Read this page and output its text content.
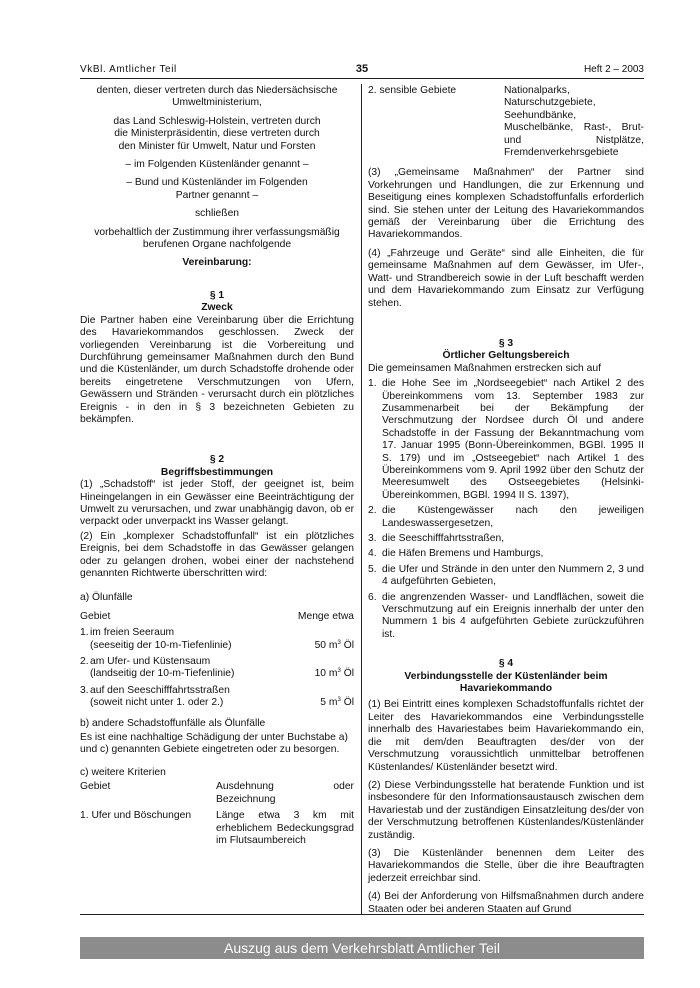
VkBl. Amtlicher Teil	35	Heft 2 – 2003

denten, dieser vertreten durch das Niedersächsische Umweltministerium,

das Land Schleswig-Holstein, vertreten durch die Ministerpräsidentin, diese vertreten durch den Minister für Umwelt, Natur und Forsten

– im Folgenden Küstenländer genannt –

– Bund und Küstenländer im Folgenden Partner genannt –

schließen

vorbehaltlich der Zustimmung ihrer verfassungsmäßig berufenen Organe nachfolgende

Vereinbarung:

§ 1
Zweck

Die Partner haben eine Vereinbarung über die Errichtung des Havariekommandos geschlossen. Zweck der vorliegenden Vereinbarung ist die Vorbereitung und Durchführung gemeinsamer Maßnahmen durch den Bund und die Küstenländer, um durch Schadstoffe drohende oder bereits eingetretene Verschmutzungen von Ufern, Gewässern und Stränden - verursacht durch ein plötzliches Ereignis - in den in § 3 bezeichneten Gebieten zu bekämpfen.

§ 2
Begriffsbestimmungen

(1) „Schadstoff“ ist jeder Stoff, der geeignet ist, beim Hineingelangen in ein Gewässer eine Beeinträchtigung der Umwelt zu verursachen, und zwar unabhängig davon, ob er verpackt oder unverpackt ins Wasser gelangt.

(2) Ein „komplexer Schadstoffunfall“ ist ein plötzliches Ereignis, bei dem Schadstoffe in das Gewässer gelangen oder zu gelangen drohen, wobei einer der nachstehend genannten Richtwerte überschritten wird:

a) Ölunfälle

Gebiet	Menge etwa
1. im freien Seeraum
(seeseitig der 10-m-Tiefenlinie)	50 $m^3$ Öl
2. am Ufer- und Küstensaum
(landseitig der 10-m-Tiefenlinie)	10 $m^3$ Öl
3. auf den Seeschifffahrtsstraßen
(soweit nicht unter 1. oder 2.)	5 $m^3$ Öl

b) andere Schadstoffunfälle als Ölunfälle

Es ist eine nachhaltige Schädigung der unter Buchstabe a) und c) genannten Gebiete eingetreten oder zu besorgen.

c) weitere Kriterien

Gebiet	Ausdehnung oder Bezeichnung
1. Ufer und Böschungen	Länge etwa 3 km mit erheblichem Bedeckungsgrad im Flutsaumbereich
2. sensible Gebiete	Nationalparks, Naturschutzgebiete, Seehundbänke, Muschelbänke, Rast-, Brut- und Nistplätze, Fremdenverkehrsgebiete

(3) „Gemeinsame Maßnahmen“ der Partner sind Vorkehrungen und Handlungen, die zur Erkennung und Beseitigung eines komplexen Schadstoffunfalls erforderlich sind. Sie stehen unter der Leitung des Havariekommandos gemäß der Vereinbarung über die Errichtung des Havariekommandos.

(4) „Fahrzeuge und Geräte“ sind alle Einheiten, die für gemeinsame Maßnahmen auf dem Gewässer, im Ufer-, Watt- und Strandbereich sowie in der Luft beschafft werden und dem Havariekommando zum Einsatz zur Verfügung stehen.

§ 3
Örtlicher Geltungsbereich

Die gemeinsamen Maßnahmen erstrecken sich auf

1. die Hohe See im „Nordseegebiet“ nach Artikel 2 des Übereinkommens vom 13. September 1983 zur Zusammenarbeit bei der Bekämpfung der Verschmutzung der Nordsee durch Öl und andere Schadstoffe in der Fassung der Bekanntmachung vom 17. Januar 1995 (Bonn-Übereinkommen, BGBl. 1995 II S. 179) und im „Ostseegebiet“ nach Artikel 1 des Übereinkommens vom 9. April 1992 über den Schutz der Meeresumwelt des Ostseegebietes (Helsinki-Übereinkommen, BGBl. 1994 II S. 1397),
2. die Küstengewässer nach den jeweiligen Landeswassergesetzen,
3. die Seeschifffahrtsstraßen,
4. die Häfen Bremens und Hamburgs,
5. die Ufer und Strände in den unter den Nummern 2, 3 und 4 aufgeführten Gebieten,
6. die angrenzenden Wasser- und Landflächen, soweit die Verschmutzung auf ein Ereignis innerhalb der unter den Nummern 1 bis 4 aufgeführten Gebiete zurückzuführen ist.
§ 4
Verbindungsstelle der Küstenländer beim Havariekommando

(1) Bei Eintritt eines komplexen Schadstoffunfalls richtet der Leiter des Havariekommandos eine Verbindungsstelle innerhalb des Havariestabes beim Havariekommando ein, die mit dem/den Beauftragten des/der von der Verschmutzung voraussichtlich unmittelbar betroffenen Küstenlandes/ Küstenländer besetzt wird.

(2) Diese Verbindungsstelle hat beratende Funktion und ist insbesondere für den Informationsaustausch zwischen dem Havariestab und der zuständigen Einsatzleitung des/der von der Verschmutzung betroffenen Küstenlandes/Küstenländer zuständig.

(3) Die Küstenländer benennen dem Leiter des Havariekommandos die Stelle, über die ihre Beauftragten jederzeit erreichbar sind.

(4) Bei der Anforderung von Hilfsmaßnahmen durch andere Staaten oder bei anderen Staaten auf Grund

Auszug aus dem Verkehrsblatt Amtlicher Teil
